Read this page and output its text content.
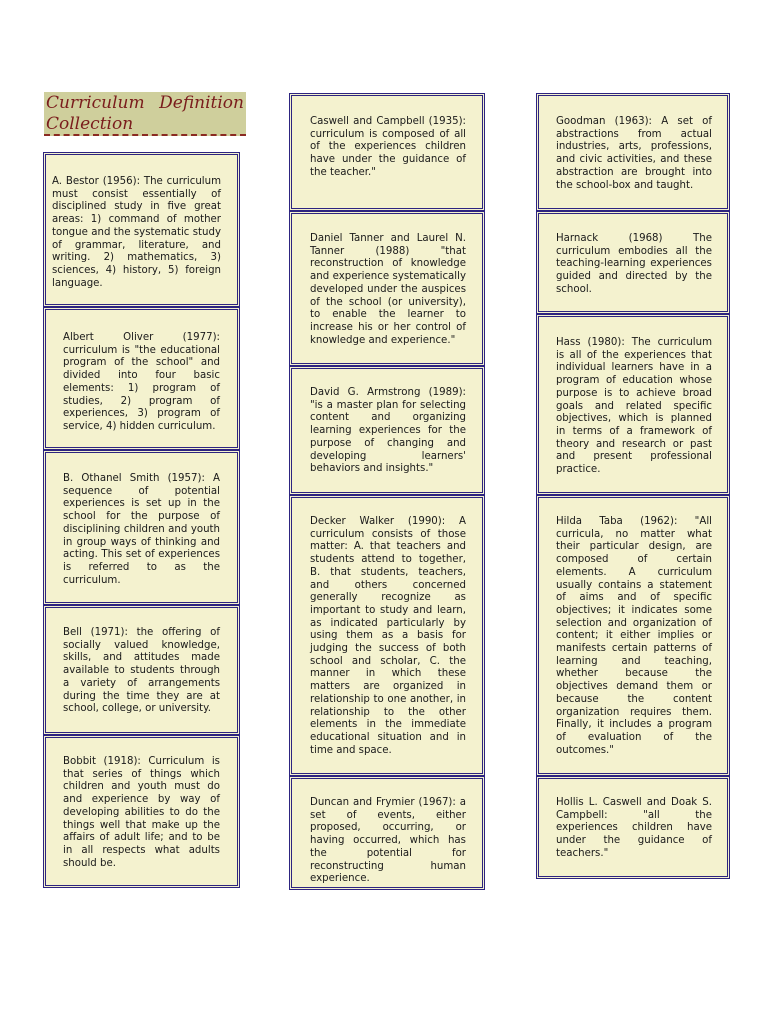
Curriculum Definition
Collection
A. Bestor (1956): The curriculum must consist essentially of disciplined study in five great areas: 1) command of mother tongue and the systematic study of grammar, literature, and writing. 2) mathematics, 3) sciences, 4) history, 5) foreign language.
Albert Oliver (1977): curriculum is "the educational program of the school" and divided into four basic elements: 1) program of studies, 2) program of experiences, 3) program of service, 4) hidden curriculum.
B. Othanel Smith (1957): A sequence of potential experiences is set up in the school for the purpose of disciplining children and youth in group ways of thinking and acting. This set of experiences is referred to as the curriculum.
Bell (1971): the offering of socially valued knowledge, skills, and attitudes made available to students through a variety of arrangements during the time they are at school, college, or university.
Bobbit (1918): Curriculum is that series of things which children and youth must do and experience by way of developing abilities to do the things well that make up the affairs of adult life; and to be in all respects what adults should be.
Caswell and Campbell (1935): curriculum is composed of all of the experiences children have under the guidance of the teacher."
Daniel Tanner and Laurel N. Tanner (1988) "that reconstruction of knowledge and experience systematically developed under the auspices of the school (or university), to enable the learner to increase his or her control of knowledge and experience."
David G. Armstrong (1989): "is a master plan for selecting content and organizing learning experiences for the purpose of changing and developing learners' behaviors and insights."
Decker Walker (1990): A curriculum consists of those matter: A. that teachers and students attend to together, B. that students, teachers, and others concerned generally recognize as important to study and learn, as indicated particularly by using them as a basis for judging the success of both school and scholar, C. the manner in which these matters are organized in relationship to one another, in relationship to the other elements in the immediate educational situation and in time and space.
Duncan and Frymier (1967): a set of events, either proposed, occurring, or having occurred, which has the potential for reconstructing human experience.
Goodman (1963): A set of abstractions from actual industries, arts, professions, and civic activities, and these abstraction are brought into the school-box and taught.
Harnack (1968) The curriculum embodies all the teaching-learning experiences guided and directed by the school.
Hass (1980): The curriculum is all of the experiences that individual learners have in a program of education whose purpose is to achieve broad goals and related specific objectives, which is planned in terms of a framework of theory and research or past and present professional practice.
Hilda Taba (1962): "All curricula, no matter what their particular design, are composed of certain elements. A curriculum usually contains a statement of aims and of specific objectives; it indicates some selection and organization of content; it either implies or manifests certain patterns of learning and teaching, whether because the objectives demand them or because the content organization requires them. Finally, it includes a program of evaluation of the outcomes."
Hollis L. Caswell and Doak S. Campbell: "all the experiences children have under the guidance of teachers."
